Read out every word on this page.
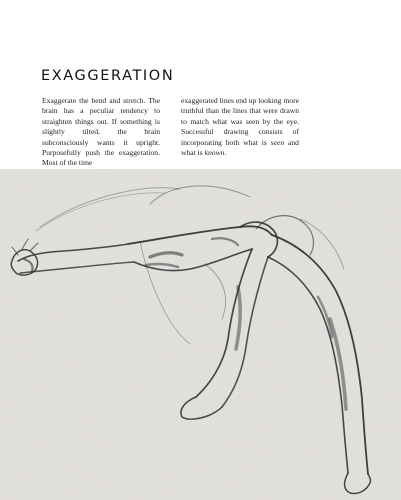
EXAGGERATION

Exaggerate the bend and stretch. The brain has a peculiar tendency to straighten things out. If something is slightly tilted, the brain subconsciously wants it upright. Purposefully push the exaggeration. Most of the time

exaggerated lines end up looking more truthful than the lines that were drawn to match what was seen by the eye. Successful drawing consists of incorporating both what is seen and what is known.
